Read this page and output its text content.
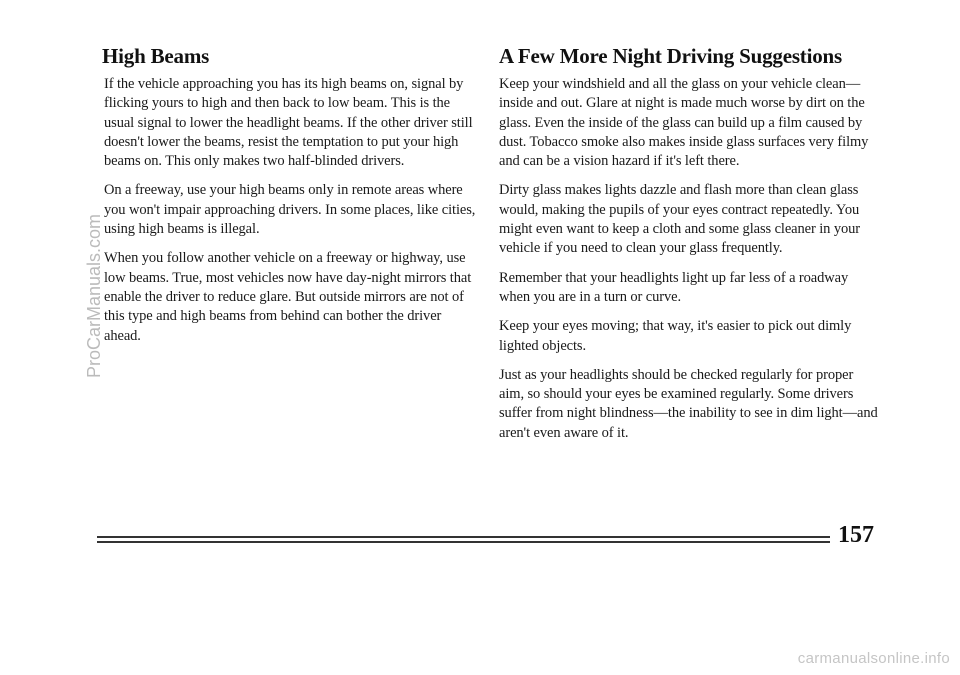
High Beams

If the vehicle approaching you has its high beams on, signal by flicking yours to high and then back to low beam. This is the usual signal to lower the headlight beams. If the other driver still doesn't lower the beams, resist the temptation to put your high beams on. This only makes two half-blinded drivers.

On a freeway, use your high beams only in remote areas where you won't impair approaching drivers. In some places, like cities, using high beams is illegal.

When you follow another vehicle on a freeway or highway, use low beams. True, most vehicles now have day-night mirrors that enable the driver to reduce glare. But outside mirrors are not of this type and high beams from behind can bother the driver ahead.

A Few More Night Driving Suggestions

Keep your windshield and all the glass on your vehicle clean—inside and out. Glare at night is made much worse by dirt on the glass. Even the inside of the glass can build up a film caused by dust. Tobacco smoke also makes inside glass surfaces very filmy and can be a vision hazard if it's left there.

Dirty glass makes lights dazzle and flash more than clean glass would, making the pupils of your eyes contract repeatedly. You might even want to keep a cloth and some glass cleaner in your vehicle if you need to clean your glass frequently.

Remember that your headlights light up far less of a roadway when you are in a turn or curve.

Keep your eyes moving; that way, it's easier to pick out dimly lighted objects.

Just as your headlights should be checked regularly for proper aim, so should your eyes be examined regularly. Some drivers suffer from night blindness—the inability to see in dim light—and aren't even aware of it.

157
ProCarManuals.com
carmanualsonline.info
